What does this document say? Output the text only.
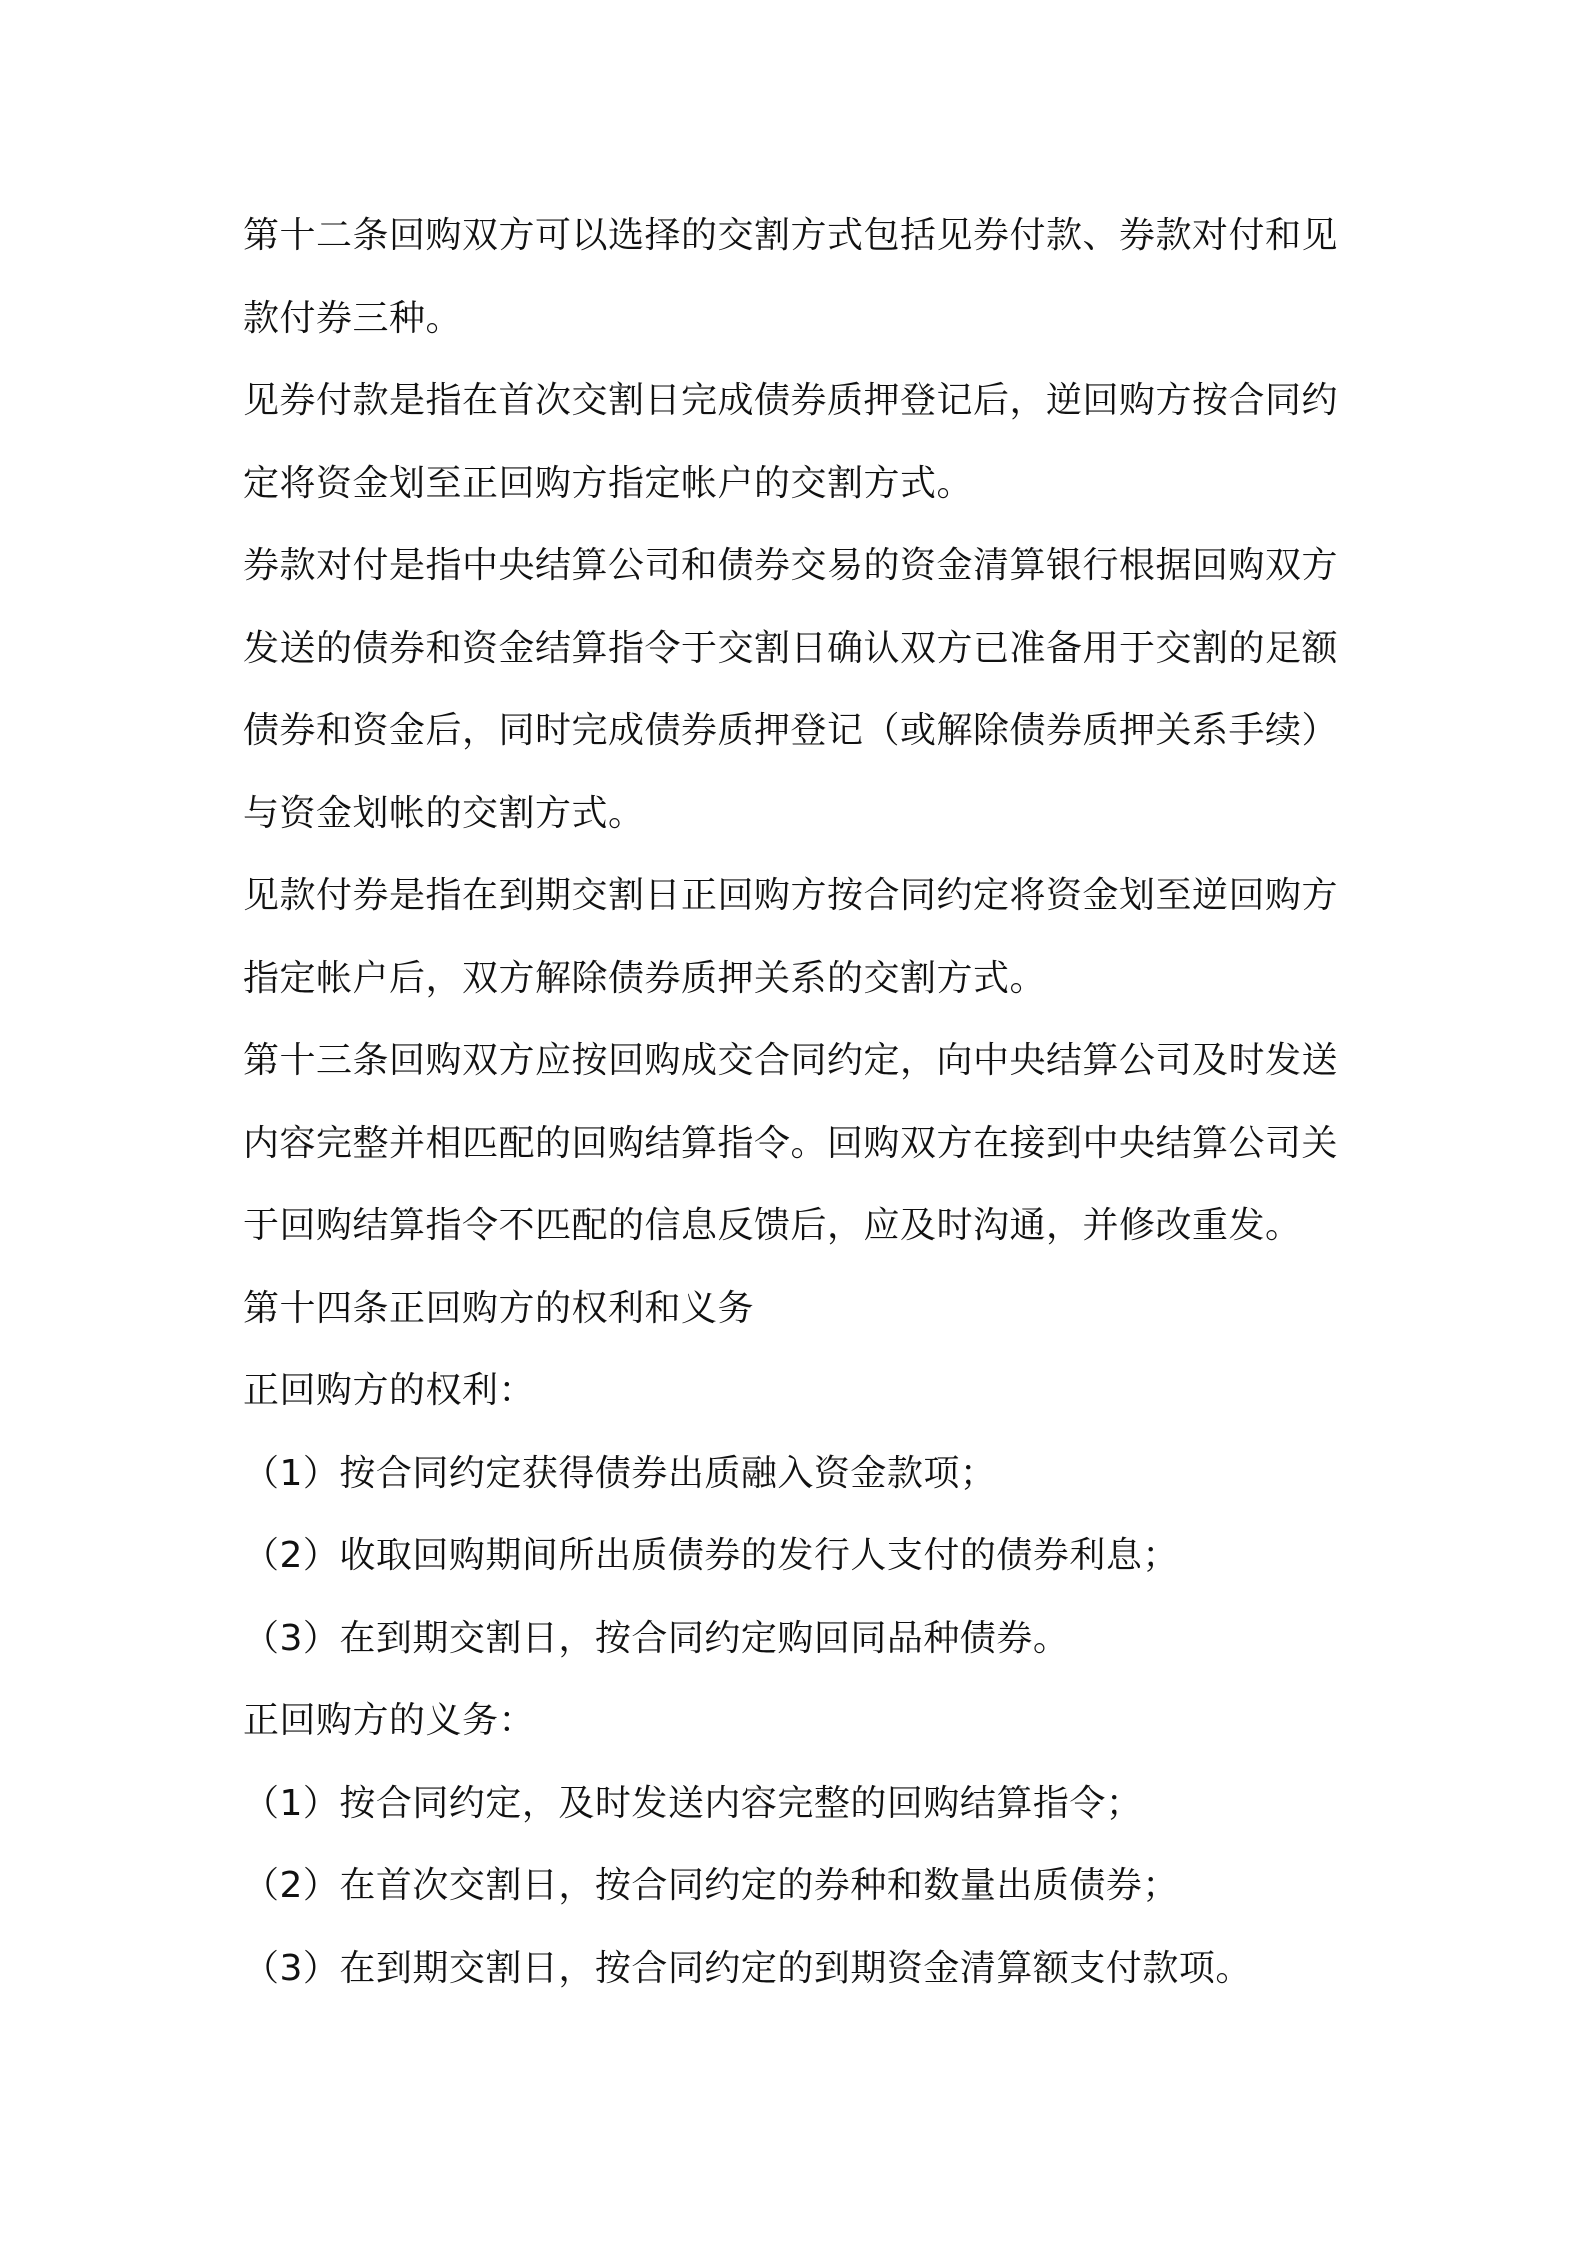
第十二条回购双方可以选择的交割方式包括见券付款、券款对付和见款付券三种。

见券付款是指在首次交割日完成债券质押登记后，逆回购方按合同约定将资金划至正回购方指定帐户的交割方式。

券款对付是指中央结算公司和债券交易的资金清算银行根据回购双方发送的债券和资金结算指令于交割日确认双方已准备用于交割的足额债券和资金后，同时完成债券质押登记（或解除债券质押关系手续）与资金划帐的交割方式。

见款付券是指在到期交割日正回购方按合同约定将资金划至逆回购方指定帐户后，双方解除债券质押关系的交割方式。

第十三条回购双方应按回购成交合同约定，向中央结算公司及时发送内容完整并相匹配的回购结算指令。回购双方在接到中央结算公司关于回购结算指令不匹配的信息反馈后，应及时沟通，并修改重发。

第十四条正回购方的权利和义务

正回购方的权利：

（1）按合同约定获得债券出质融入资金款项；

（2）收取回购期间所出质债券的发行人支付的债券利息；

（3）在到期交割日，按合同约定购回同品种债券。

正回购方的义务：

（1）按合同约定，及时发送内容完整的回购结算指令；

（2）在首次交割日，按合同约定的券种和数量出质债券；

（3）在到期交割日，按合同约定的到期资金清算额支付款项。
